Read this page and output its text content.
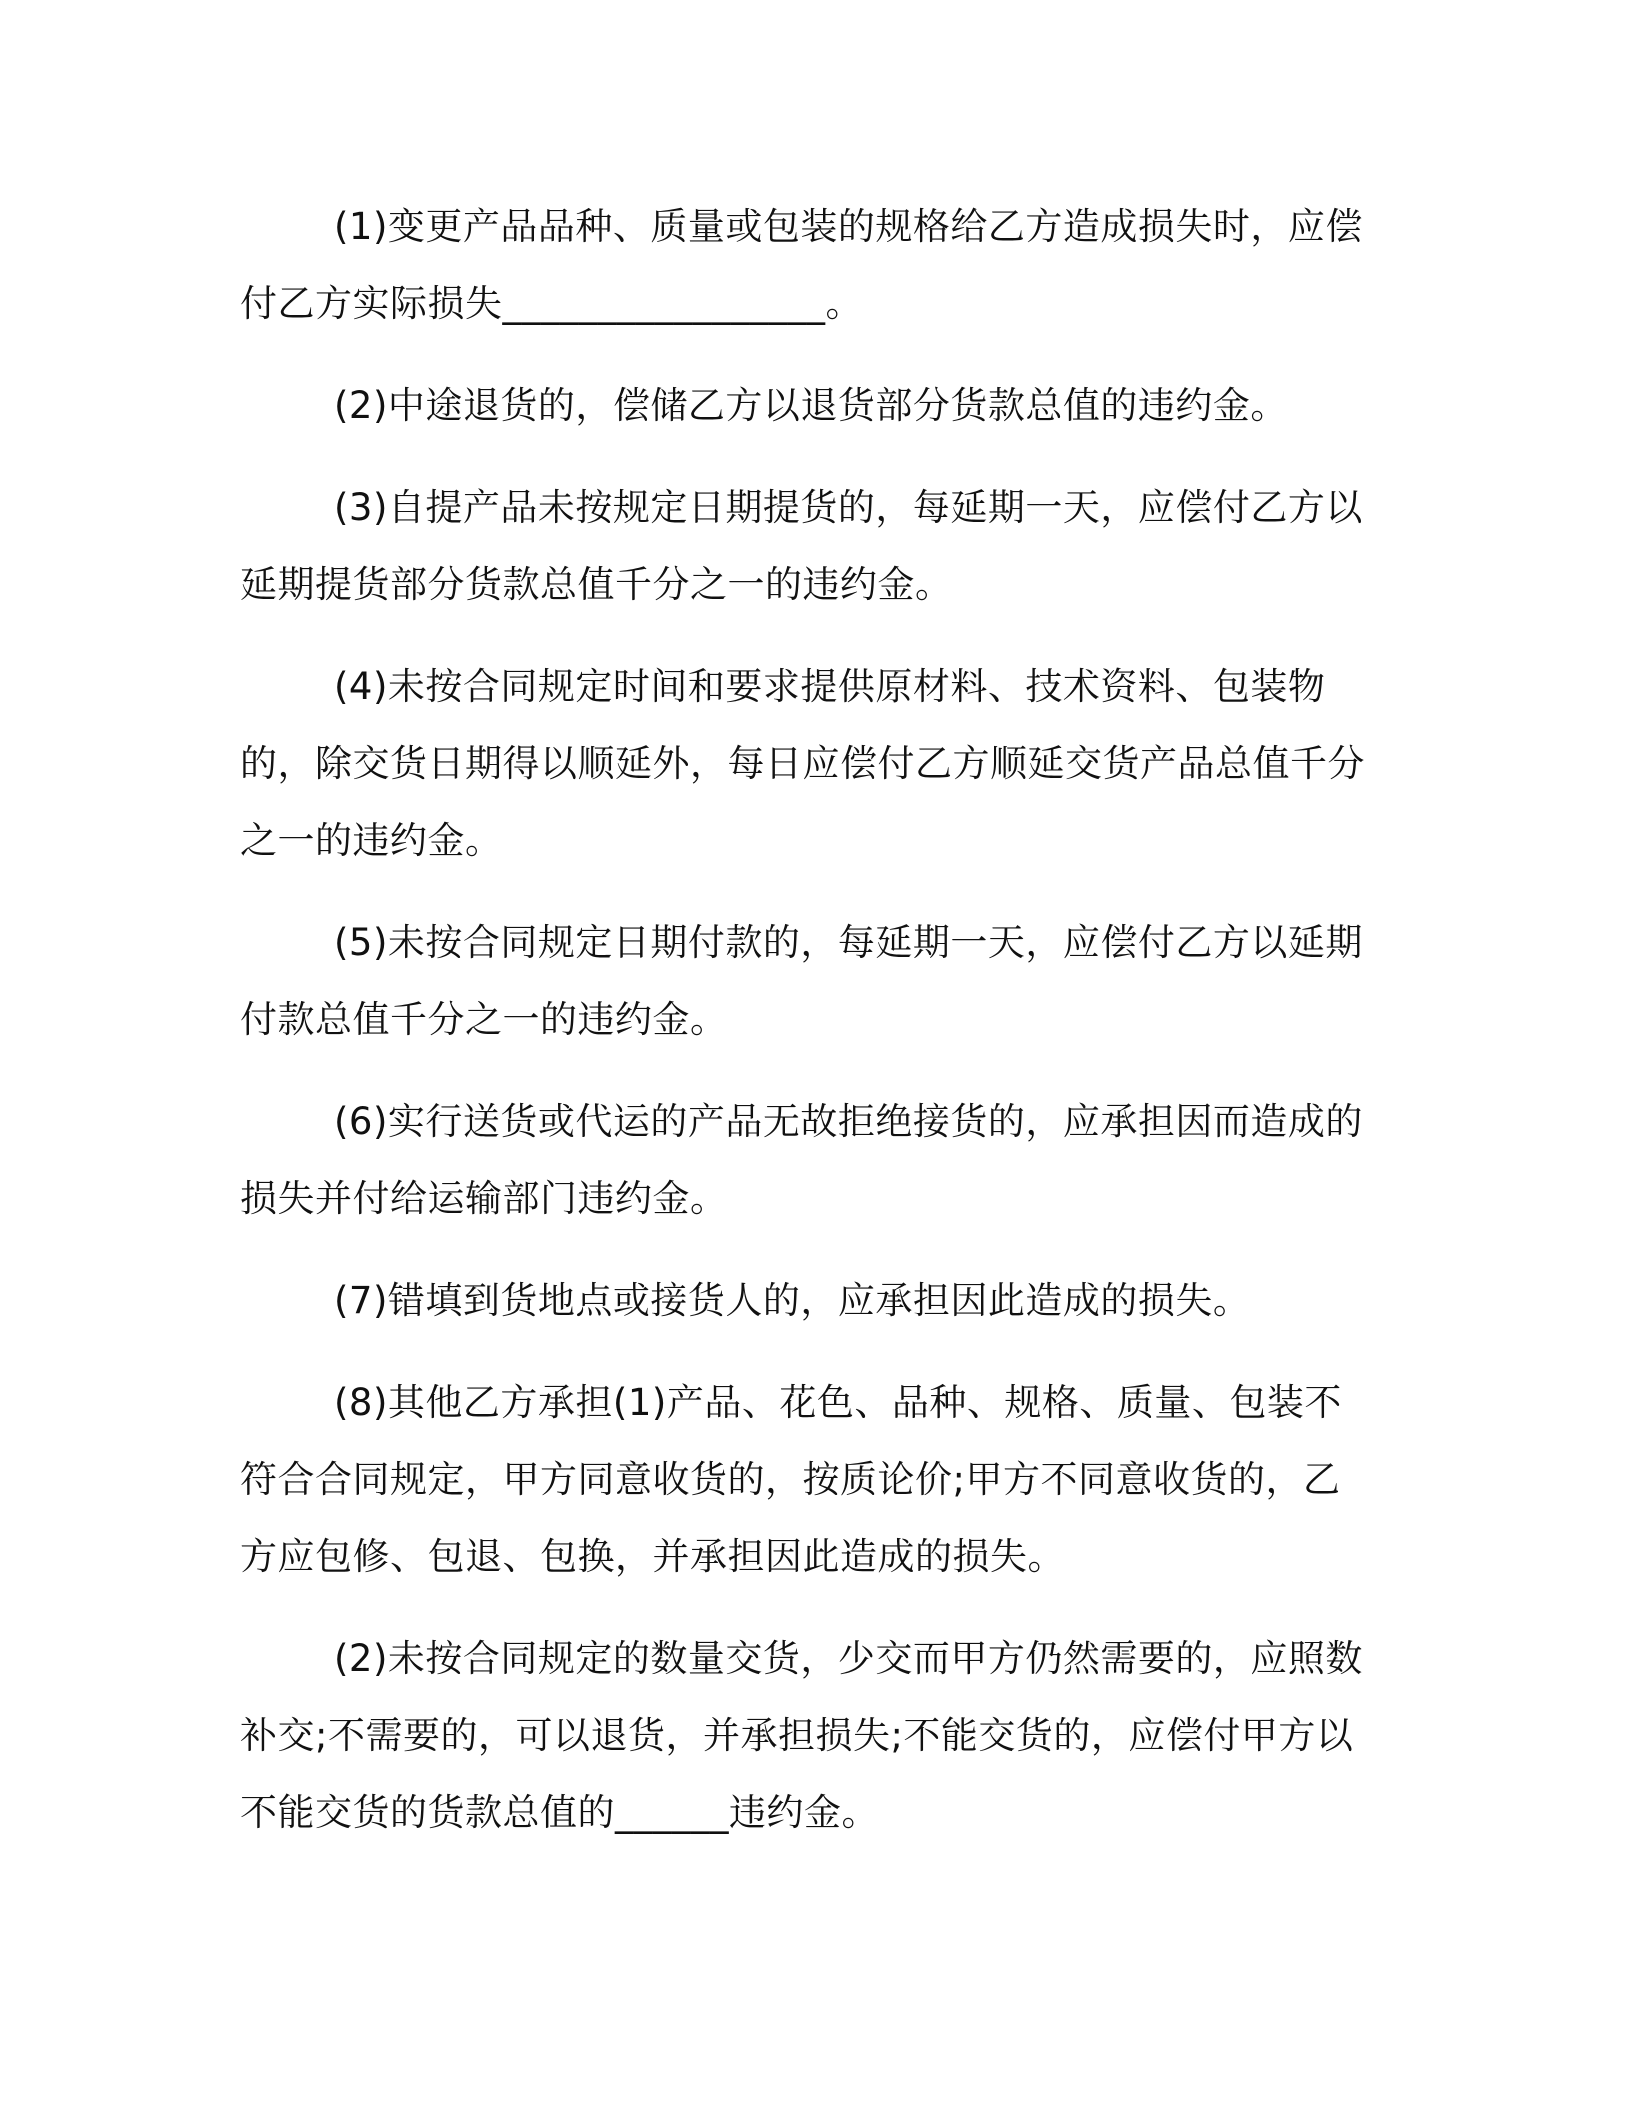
(1)变更产品品种、质量或包装的规格给乙方造成损失时，应偿付乙方实际损失_________________。

(2)中途退货的，偿储乙方以退货部分货款总值的违约金。

(3)自提产品未按规定日期提货的，每延期一天，应偿付乙方以延期提货部分货款总值千分之一的违约金。

(4)未按合同规定时间和要求提供原材料、技术资料、包装物的，除交货日期得以顺延外，每日应偿付乙方顺延交货产品总值千分之一的违约金。

(5)未按合同规定日期付款的，每延期一天，应偿付乙方以延期付款总值千分之一的违约金。

(6)实行送货或代运的产品无故拒绝接货的，应承担因而造成的损失并付给运输部门违约金。

(7)错填到货地点或接货人的，应承担因此造成的损失。

(8)其他乙方承担(1)产品、花色、品种、规格、质量、包装不符合合同规定，甲方同意收货的，按质论价;甲方不同意收货的，乙方应包修、包退、包换，并承担因此造成的损失。

(2)未按合同规定的数量交货，少交而甲方仍然需要的，应照数补交;不需要的，可以退货，并承担损失;不能交货的，应偿付甲方以不能交货的货款总值的______违约金。
